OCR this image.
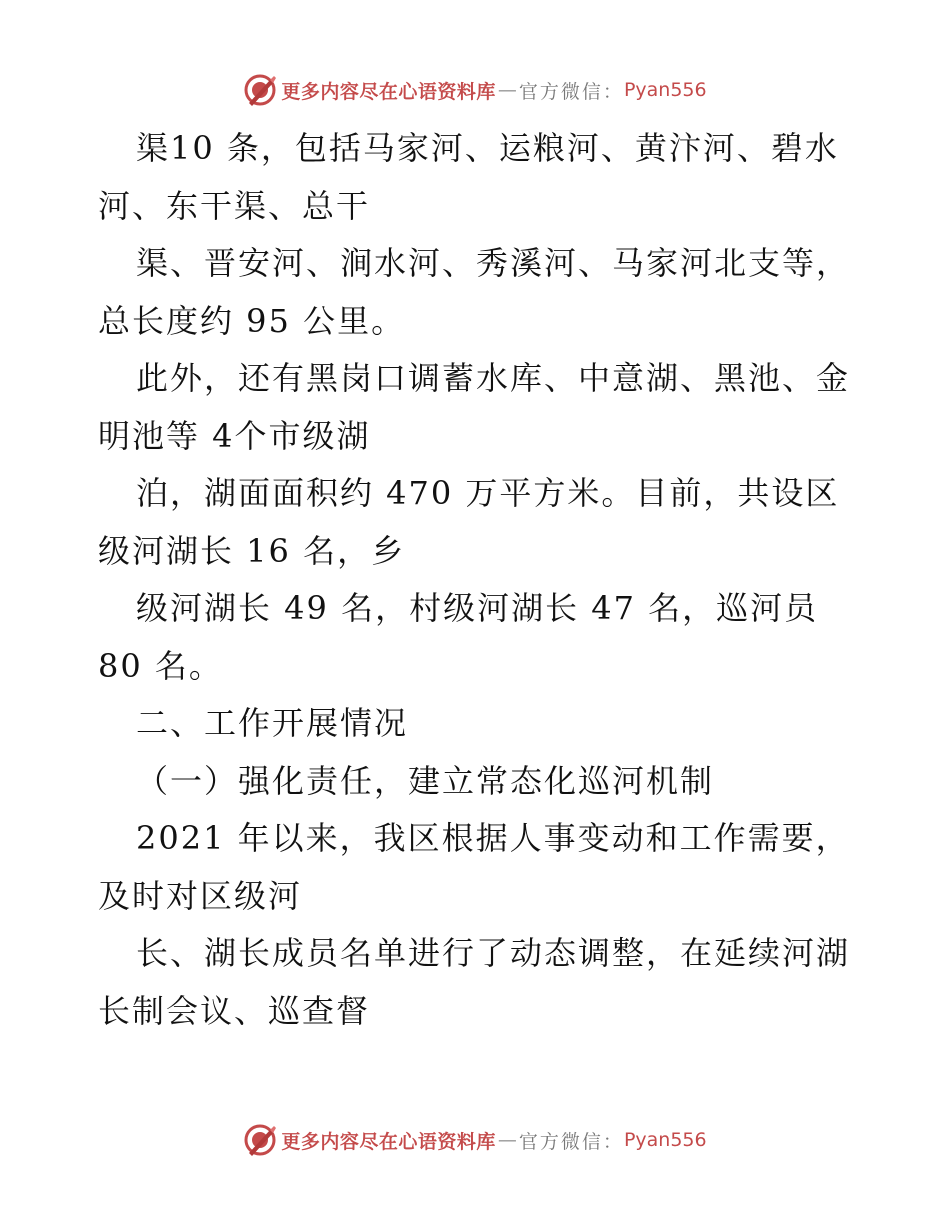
更多内容尽在心语资料库 — 官方微信： Pyan556
渠10 条，包括马家河、运粮河、黄汴河、碧水
河、东干渠、总干
渠、晋安河、涧水河、秀溪河、马家河北支等，
总长度约 95 公里。
此外，还有黑岗口调蓄水库、中意湖、黑池、金
明池等 4个市级湖
泊，湖面面积约 470 万平方米。目前，共设区
级河湖长 16 名，乡
级河湖长 49 名，村级河湖长 47 名，巡河员
80 名。
二、工作开展情况
（一）强化责任，建立常态化巡河机制
2021 年以来，我区根据人事变动和工作需要，
及时对区级河
长、湖长成员名单进行了动态调整，在延续河湖
长制会议、巡查督
更多内容尽在心语资料库 — 官方微信： Pyan556
